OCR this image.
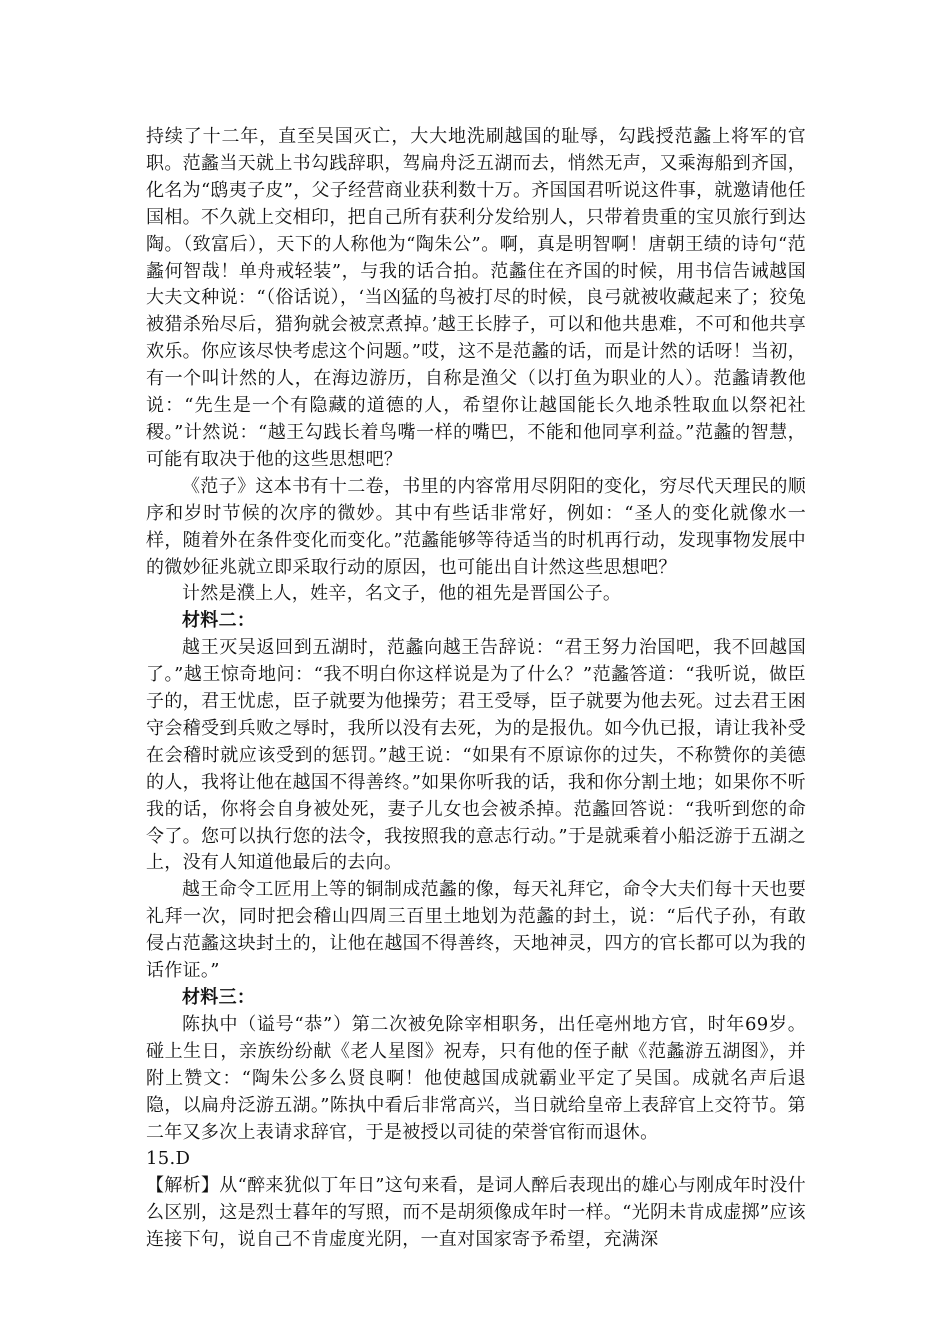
持续了十二年，直至吴国灭亡，大大地洗刷越国的耻辱，勾践授范蠡上将军的官职。范蠡当天就上书勾践辞职，驾扁舟泛五湖而去，悄然无声，又乘海船到齐国，化名为“鸱夷子皮”，父子经营商业获利数十万。齐国国君听说这件事，就邀请他任国相。不久就上交相印，把自己所有获利分发给别人，只带着贵重的宝贝旅行到达陶。（致富后），天下的人称他为“陶朱公”。啊，真是明智啊！唐朝王绩的诗句“范蠡何智哉！单舟戒轻装”，与我的话合拍。范蠡住在齐国的时候，用书信告诫越国大夫文种说：“（俗话说），‘当凶猛的鸟被打尽的时候，良弓就被收藏起来了；狡兔被猎杀殆尽后，猎狗就会被烹煮掉。’越王长脖子，可以和他共患难，不可和他共享欢乐。你应该尽快考虑这个问题。”哎，这不是范蠡的话，而是计然的话呀！当初，有一个叫计然的人，在海边游历，自称是渔父（以打鱼为职业的人）。范蠡请教他说：“先生是一个有隐藏的道德的人，希望你让越国能长久地杀牲取血以祭祀社稷。”计然说：“越王勾践长着鸟嘴一样的嘴巴，不能和他同享利益。”范蠡的智慧，可能有取决于他的这些思想吧？

《范子》这本书有十二卷，书里的内容常用尽阴阳的变化，穷尽代天理民的顺序和岁时节候的次序的微妙。其中有些话非常好，例如：“圣人的变化就像水一样，随着外在条件变化而变化。”范蠡能够等待适当的时机再行动，发现事物发展中的微妙征兆就立即采取行动的原因，也可能出自计然这些思想吧？

计然是濮上人，姓辛，名文子，他的祖先是晋国公子。

材料二：

越王灭吴返回到五湖时，范蠡向越王告辞说：“君王努力治国吧，我不回越国了。”越王惊奇地问：“我不明白你这样说是为了什么？”范蠡答道：“我听说，做臣子的，君王忧虑，臣子就要为他操劳；君王受辱，臣子就要为他去死。过去君王困守会稽受到兵败之辱时，我所以没有去死，为的是报仇。如今仇已报，请让我补受在会稽时就应该受到的惩罚。”越王说：“如果有不原谅你的过失，不称赞你的美德的人，我将让他在越国不得善终。”如果你听我的话，我和你分割土地；如果你不听我的话，你将会自身被处死，妻子儿女也会被杀掉。范蠡回答说：“我听到您的命令了。您可以执行您的法令，我按照我的意志行动。”于是就乘着小船泛游于五湖之上，没有人知道他最后的去向。

越王命令工匠用上等的铜制成范蠡的像，每天礼拜它，命令大夫们每十天也要礼拜一次，同时把会稽山四周三百里土地划为范蠡的封土，说：“后代子孙，有敢侵占范蠡这块封土的，让他在越国不得善终，天地神灵，四方的官长都可以为我的话作证。”

材料三：

陈执中（谥号“恭”）第二次被免除宰相职务，出任亳州地方官，时年69岁。碰上生日，亲族纷纷献《老人星图》祝寿，只有他的侄子献《范蠡游五湖图》，并附上赞文：“陶朱公多么贤良啊！他使越国成就霸业平定了吴国。成就名声后退隐，以扁舟泛游五湖。”陈执中看后非常高兴，当日就给皇帝上表辞官上交符节。第二年又多次上表请求辞官，于是被授以司徒的荣誉官衔而退休。

15.D

【解析】从“醉来犹似丁年日”这句来看，是词人醉后表现出的雄心与刚成年时没什么区别，这是烈士暮年的写照，而不是胡须像成年时一样。“光阴未肯成虚掷”应该连接下句，说自己不肯虚度光阴，一直对国家寄予希望，充满深
